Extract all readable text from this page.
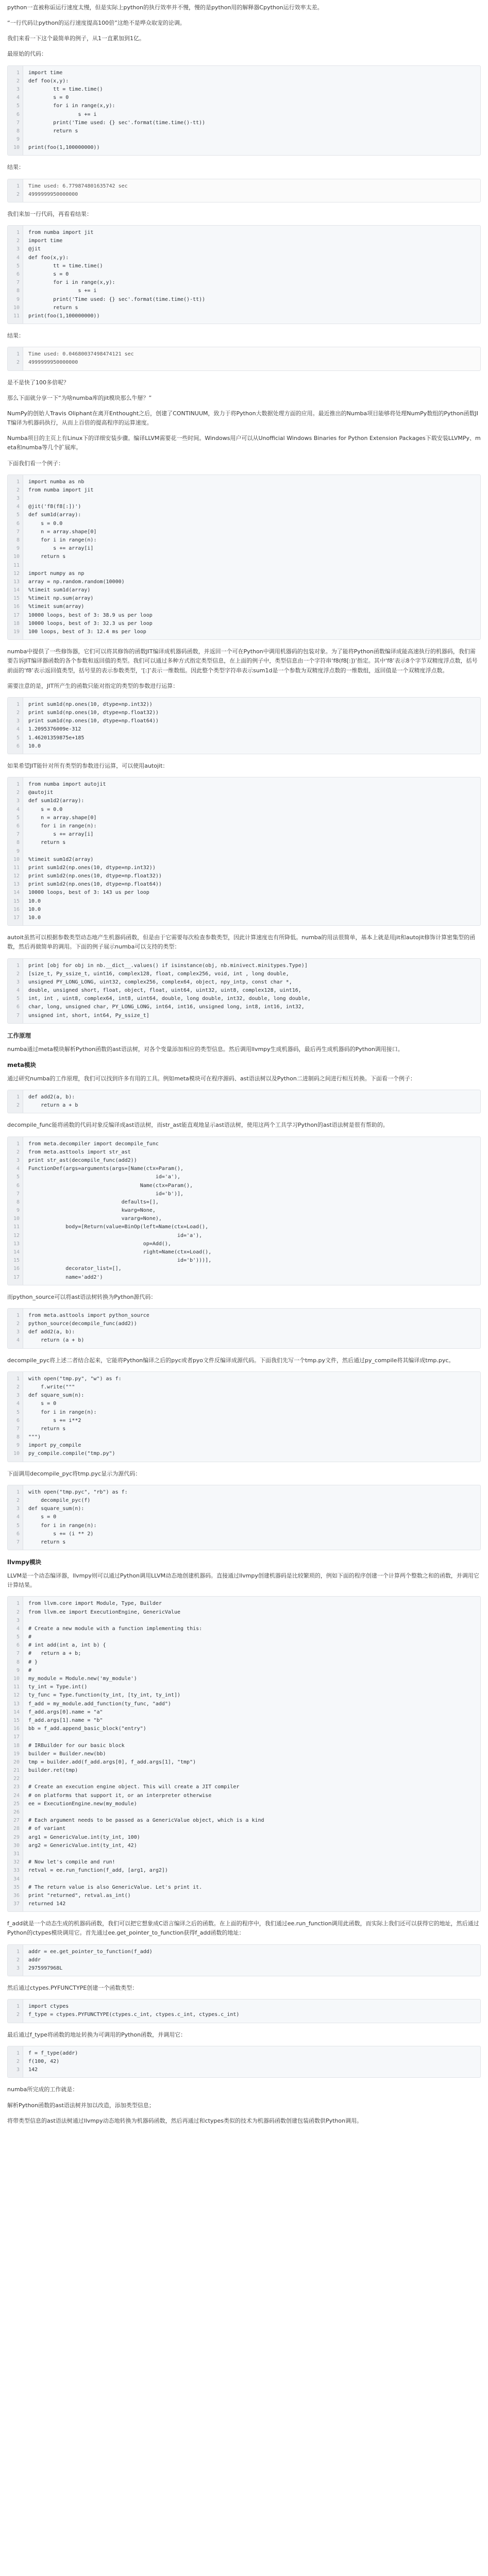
python一直被称诟运行速度太慢，但是实际上python的执行效率并不慢，慢的是python用的解释器Cpython运行效率太差。
“一行代码让python的运行速度提高100倍”这绝不是哗众取宠的论调。
我们来看一下这个最简单的例子，从1一直累加到1亿。
最原始的代码：
1
2
3
4
5
6
7
8
9
10
import time
def foo(x,y):
tt = time.time()
s = 0
for i in range(x,y):
s += i
print('Time used: {} sec'.format(time.time()-tt))
return s
print(foo(1,100000000))
结果：
1
2
Time used: 6.779874801635742 sec
4999999950000000
我们来加一行代码，再看看结果：
1
2
3
4
5
6
7
8
9
10
11
from numba import jit
import time
@jit
def foo(x,y):
tt = time.time()
s = 0
for i in range(x,y):
s += i
print('Time used: {} sec'.format(time.time()-tt))
return s
print(foo(1,100000000))
结果：
1
2
Time used: 0.04680037498474121 sec
4999999950000000
是不是快了100多倍呢？
那么下面就分享一下“为啥numba库的jit模块那么牛掰？”
NumPy的创始人Travis Oliphant在离开Enthought之后，创建了CONTINUUM，致力于将Python大数据处理方面的应用。最近推出的Numba项目能够将处理NumPy数组的Python函数JIT编译为机器码执行，从而上百倍的提高程序的运算速度。
Numba项目的主页上有Linux下的详细安装步骤。编译LLVM需要花一些时间。Windows用户可以从Unofficial Windows Binaries for Python Extension Packages下载安装LLVMPy、meta和numba等几个扩展库。
下面我们看一个例子：
1
2
3
4
5
6
7
8
9
10
11
12
13
14
15
16
17
18
19
import numba as nb
from numba import jit
@jit('f8(f8[:])')
def sum1d(array):
s = 0.0
n = array.shape[0]
for i in range(n):
s += array[i]
return s
import numpy as np
array = np.random.random(10000)
%timeit sum1d(array)
%timeit np.sum(array)
%timeit sum(array)
10000 loops, best of 3: 38.9 us per loop
10000 loops, best of 3: 32.3 us per loop
100 loops, best of 3: 12.4 ms per loop
numba中提供了一些修饰器，它们可以将其修饰的函数JIT编译成机器码函数，并返回一个可在Python中调用机器码的包装对象。为了能将Python函数编译成能高速执行的机器码，我们需要告诉JIT编译器函数的各个参数和返回值的类型。我们可以通过多种方式指定类型信息，在上面的例子中，类型信息由一个字符串‘f8(f8[:])’指定。其中‘f8’表示8个字节双精度浮点数，括号前面的‘f8’表示返回值类型，括号里的表示参数类型，‘[:]’表示一维数组。因此整个类型字符串表示sum1d是一个参数为双精度浮点数的一维数组，返回值是一个双精度浮点数。
需要注意的是，JIT所产生的函数只能对指定的类型的参数进行运算：
1
2
3
4
5
6
print sum1d(np.ones(10, dtype=np.int32))
print sum1d(np.ones(10, dtype=np.float32))
print sum1d(np.ones(10, dtype=np.float64))
1.2095376009e-312
1.46201359875e+185
10.0
如果希望JIT能针对所有类型的参数进行运算，可以使用autojit：
1
2
3
4
5
6
7
8
9
10
11
12
13
14
15
16
17
from numba import autojit
@autojit
def sum1d2(array):
s = 0.0
n = array.shape[0]
for i in range(n):
s += array[i]
return s
%timeit sum1d2(array)
print sum1d2(np.ones(10, dtype=np.int32))
print sum1d2(np.ones(10, dtype=np.float32))
print sum1d2(np.ones(10, dtype=np.float64))
10000 loops, best of 3: 143 us per loop
10.0
10.0
10.0
autoit虽然可以根据参数类型动态地产生机器码函数，但是由于它需要每次检查参数类型，因此计算速度也有所降低。numba的用法很简单，基本上就是用jit和autojit修饰计算密集型的函数，然后再做简单的调用。下面的例子展示numba可以支持的类型：
1
2
3
4
5
6
7
print [obj for obj in nb.__dict__.values() if isinstance(obj, nb.minivect.minitypes.Type)]
[size_t, Py_ssize_t, uint16, complex128, float, complex256, void, int , long double,
unsigned PY_LONG_LONG, uint32, complex256, complex64, object, npy_intp, const char *,
double, unsigned short, float, object, float, uint64, uint32, uint8, complex128, uint16,
int, int , uint8, complex64, int8, uint64, double, long double, int32, double, long double,
char, long, unsigned char, PY_LONG_LONG, int64, int16, unsigned long, int8, int16, int32,
unsigned int, short, int64, Py_ssize_t]
工作原理
numba通过meta模块解析Python函数的ast语法树，对各个变量添加相应的类型信息。然后调用llvmpy生成机器码，最后再生成机器码的Python调用接口。
meta模块
通过研究numba的工作原理，我们可以找到许多有用的工具。例如meta模块可在程序源码、ast语法树以及Python二进制码之间进行相互转换。下面看一个例子：
1
2
def add2(a, b):
return a + b
decompile_func能将函数的代码对象反编译成ast语法树，而str_ast能直观地显示ast语法树，使用这两个工具学习Python的ast语法树是很有帮助的。
1
2
3
4
5
6
7
8
9
10
11
12
13
14
15
16
17
from meta.decompiler import decompile_func
from meta.asttools import str_ast
print str_ast(decompile_func(add2))
FunctionDef(args=arguments(args=[Name(ctx=Param(),
id='a'),
Name(ctx=Param(),
id='b')],
defaults=[],
kwarg=None,
vararg=None),
body=[Return(value=BinOp(left=Name(ctx=Load(),
id='a'),
op=Add(),
right=Name(ctx=Load(),
id='b')))],
decorator_list=[],
name='add2')
而python_source可以将ast语法树转换为Python源代码：
1
2
3
4
from meta.asttools import python_source
python_source(decompile_func(add2))
def add2(a, b):
return (a + b)
decompile_pyc将上述二者结合起来，它能将Python编译之后的pyc或者pyo文件反编译成源代码。下面我们先写一个tmp.py文件，然后通过py_compile将其编译成tmp.pyc。
1
2
3
4
5
6
7
8
9
10
with open("tmp.py", "w") as f:
f.write("""
def square_sum(n):
s = 0
for i in range(n):
s += i**2
return s
""")
import py_compile
py_compile.compile("tmp.py")
下面调用decompile_pyc将tmp.pyc显示为源代码：
1
2
3
4
5
6
7
with open("tmp.pyc", "rb") as f:
decompile_pyc(f)
def square_sum(n):
s = 0
for i in range(n):
s += (i ** 2)
return s
llvmpy模块
LLVM是一个动态编译器，llvmpy则可以通过Python调用LLVM动态地创建机器码。直接通过llvmpy创建机器码是比较繁琐的，例如下面的程序创建一个计算两个整数之和的函数，并调用它计算结果。
1
2
3
4
5
6
7
8
9
10
11
12
13
14
15
16
17
18
19
20
21
22
23
24
25
26
27
28
29
30
31
32
33
34
35
36
37
from llvm.core import Module, Type, Builder
from llvm.ee import ExecutionEngine, GenericValue
# Create a new module with a function implementing this:
#
# int add(int a, int b) {
#   return a + b;
# }
#
my_module = Module.new('my_module')
ty_int = Type.int()
ty_func = Type.function(ty_int, [ty_int, ty_int])
f_add = my_module.add_function(ty_func, "add")
f_add.args[0].name = "a"
f_add.args[1].name = "b"
bb = f_add.append_basic_block("entry")
# IRBuilder for our basic block
builder = Builder.new(bb)
tmp = builder.add(f_add.args[0], f_add.args[1], "tmp")
builder.ret(tmp)
# Create an execution engine object. This will create a JIT compiler
# on platforms that support it, or an interpreter otherwise
ee = ExecutionEngine.new(my_module)
# Each argument needs to be passed as a GenericValue object, which is a kind
# of variant
arg1 = GenericValue.int(ty_int, 100)
arg2 = GenericValue.int(ty_int, 42)
# Now let's compile and run!
retval = ee.run_function(f_add, [arg1, arg2])
# The return value is also GenericValue. Let's print it.
print "returned", retval.as_int()
returned 142
f_add就是一个动态生成的机器码函数，我们可以把它想象成C语言编译之后的函数。在上面的程序中，我们通过ee.run_function调用此函数，而实际上我们还可以获得它的地址，然后通过Python的ctypes模块调用它。首先通过ee.get_pointer_to_function获得f_add函数的地址：
1
2
3
addr = ee.get_pointer_to_function(f_add)
addr
2975997968L
然后通过ctypes.PYFUNCTYPE创建一个函数类型：
1
2
import ctypes
f_type = ctypes.PYFUNCTYPE(ctypes.c_int, ctypes.c_int, ctypes.c_int)
最后通过f_type将函数的地址转换为可调用的Python函数，并调用它：
1
2
3
f = f_type(addr)
f(100, 42)
142
numba所完成的工作就是：
解析Python函数的ast语法树并加以改造，添加类型信息；
将带类型信息的ast语法树通过llvmpy动态地转换为机器码函数，然后再通过和ctypes类似的技术为机器码函数创建包装函数供Python调用。
